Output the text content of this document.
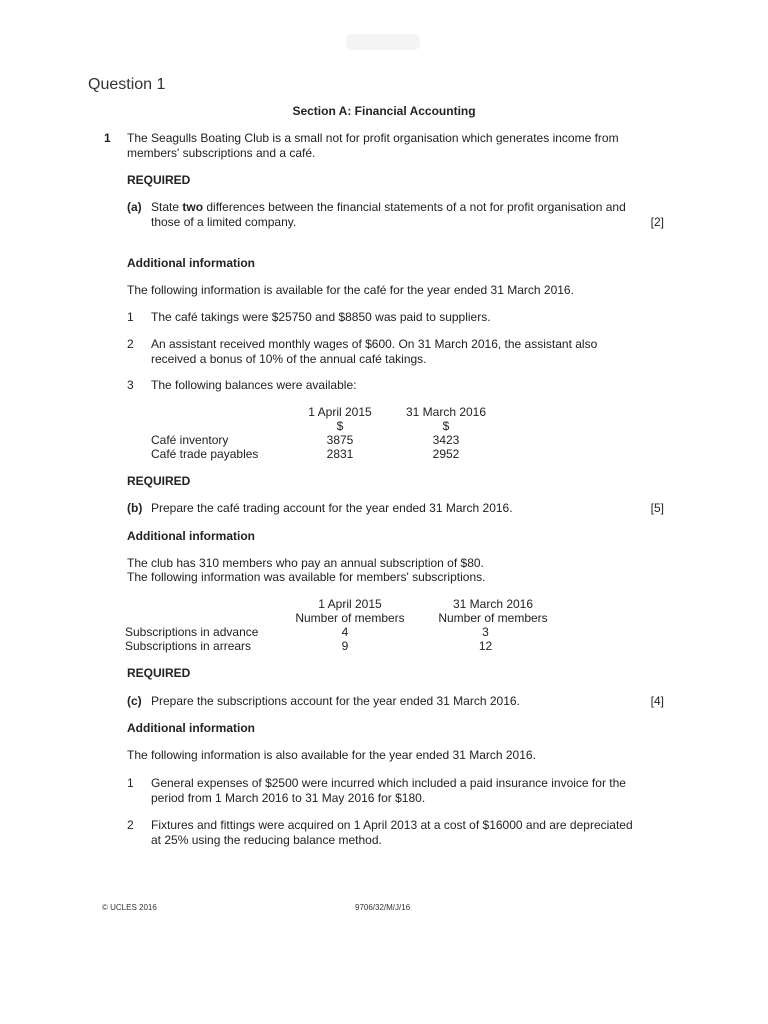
Question 1
Section A: Financial Accounting
1 The Seagulls Boating Club is a small not for profit organisation which generates income from
members' subscriptions and a café.
REQUIRED
(a) State two differences between the financial statements of a not for profit organisation and
those of a limited company.	[2]
Additional information
The following information is available for the café for the year ended 31 March 2016.
1 The café takings were $25750 and $8850 was paid to suppliers.
2 An assistant received monthly wages of $600. On 31 March 2016, the assistant also
received a bonus of 10% of the annual café takings.
3 The following balances were available:
1 April 2015	31 March 2016
$	$
Café inventory	3875	3423
Café trade payables	2831	2952
REQUIRED
(b) Prepare the café trading account for the year ended 31 March 2016.	[5]
Additional information
The club has 310 members who pay an annual subscription of $80.
The following information was available for members' subscriptions.
1 April 2015	31 March 2016
Number of members	Number of members
Subscriptions in advance	4	3
Subscriptions in arrears	9	12
REQUIRED
(c) Prepare the subscriptions account for the year ended 31 March 2016.	[4]
Additional information
The following information is also available for the year ended 31 March 2016.
1 General expenses of $2500 were incurred which included a paid insurance invoice for the
period from 1 March 2016 to 31 May 2016 for $180.
2 Fixtures and fittings were acquired on 1 April 2013 at a cost of $16000 and are depreciated
at 25% using the reducing balance method.
© UCLES 2016	9706/32/M/J/16
